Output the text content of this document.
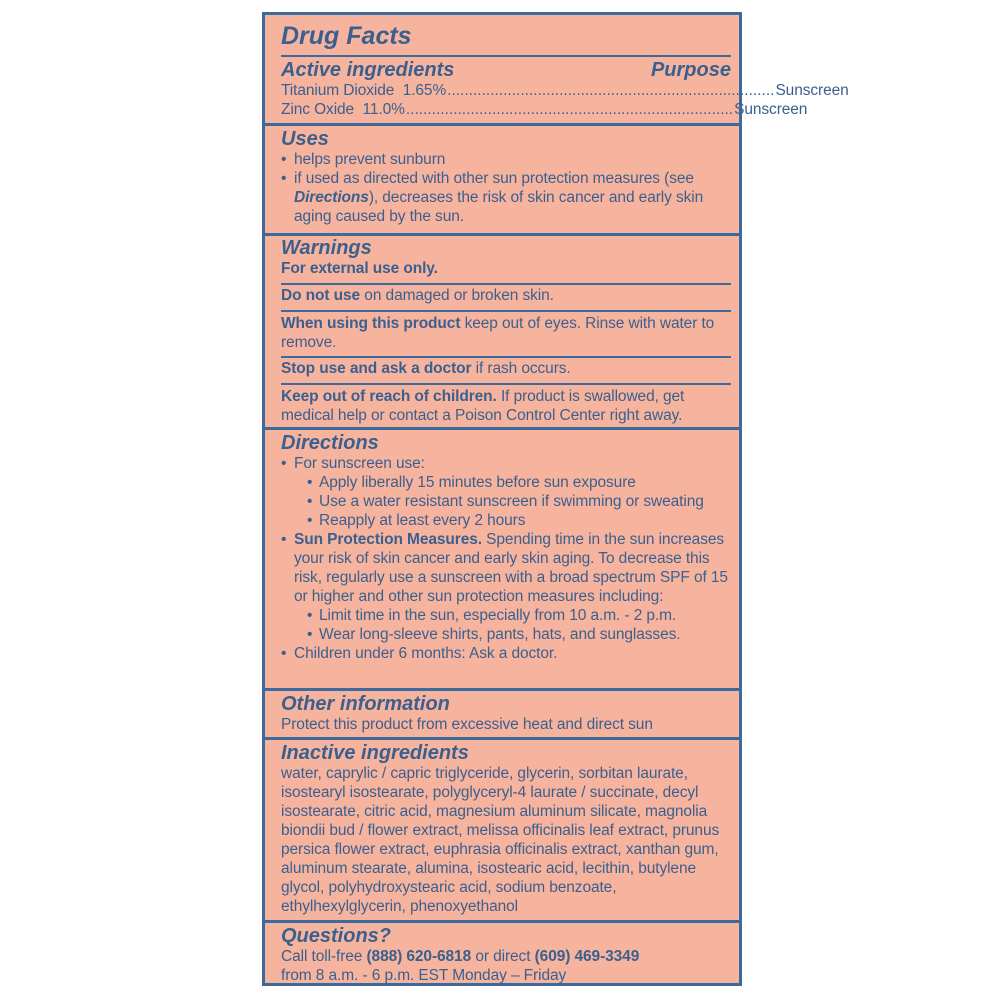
Drug Facts

Active ingredients	Purpose

Titanium Dioxide
1.65% ............................................................................ Sunscreen
Zinc Oxide
11.0% ............................................................................ Sunscreen

Uses

• helps prevent sunburn

• if used as directed with other sun protection measures (see Directions), decreases the risk of skin cancer and early skin aging caused by the sun.

Warnings

For external use only.

Do not use on damaged or broken skin.

When using this product keep out of eyes. Rinse with water to remove.

Stop use and ask a doctor if rash occurs.

Keep out of reach of children. If product is swallowed, get medical help or contact a Poison Control Center right away.

Directions

• For sunscreen use:

• Apply liberally 15 minutes before sun exposure

• Use a water resistant sunscreen if swimming or sweating

• Reapply at least every 2 hours

• Sun Protection Measures. Spending time in the sun increases your risk of skin cancer and early skin aging. To decrease this risk, regularly use a sunscreen with a broad spectrum SPF of 15 or higher and other sun protection measures including:

• Limit time in the sun, especially from 10 a.m. - 2 p.m.

• Wear long-sleeve shirts, pants, hats, and sunglasses.

• Children under 6 months: Ask a doctor.

Other information

Protect this product from excessive heat and direct sun

Inactive ingredients

water, caprylic / capric triglyceride, glycerin, sorbitan laurate, isostearyl isostearate, polyglyceryl-4 laurate / succinate, decyl isostearate, citric acid, magnesium aluminum silicate, magnolia biondii bud / flower extract, melissa officinalis leaf extract, prunus persica flower extract, euphrasia officinalis extract, xanthan gum, aluminum stearate, alumina, isostearic acid, lecithin, butylene glycol, polyhydroxystearic acid, sodium benzoate, ethylhexylglycerin, phenoxyethanol

Questions?

Call toll-free (888) 620-6818 or direct (609) 469-3349

from 8 a.m. - 6 p.m. EST Monday – Friday
